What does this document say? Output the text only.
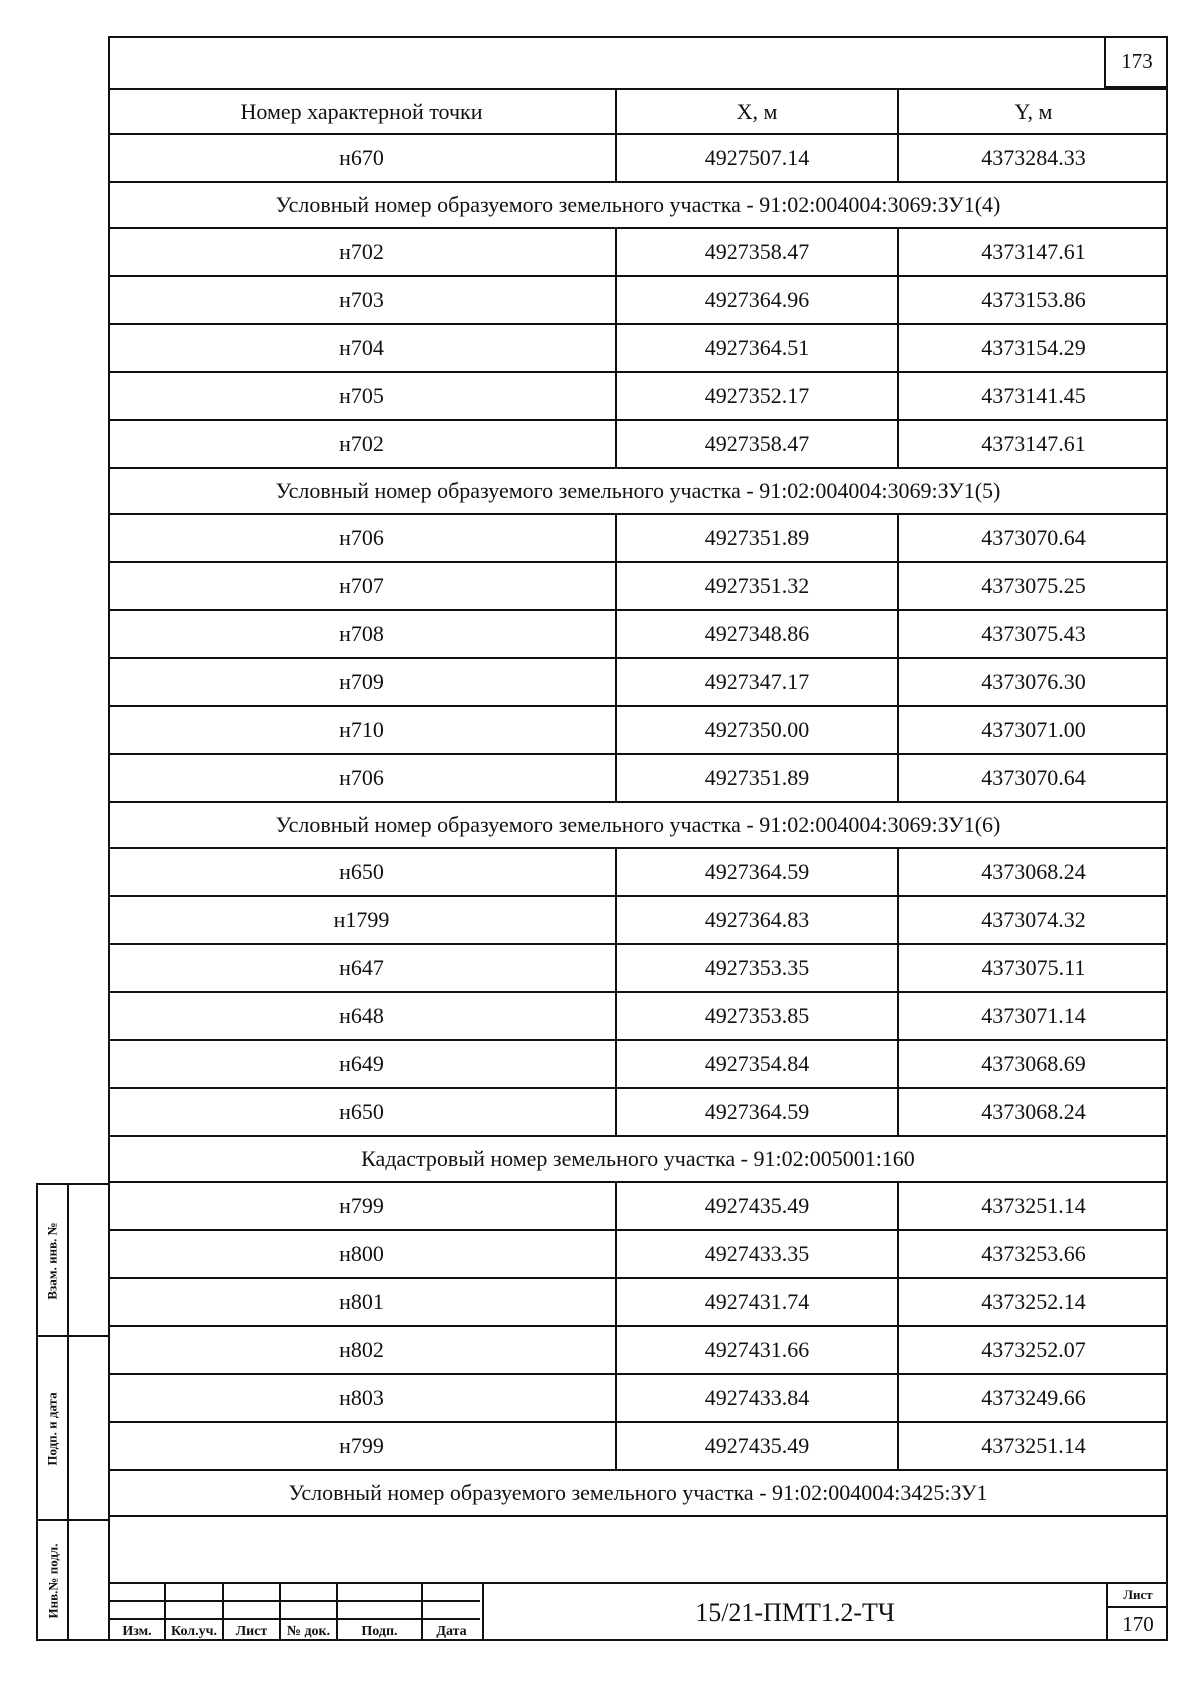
173
Номер характерной точки	X, м	Y, м
н670	4927507.14	4373284.33
Условный номер образуемого земельного участка - 91:02:004004:3069:ЗУ1(4)
н702	4927358.47	4373147.61
н703	4927364.96	4373153.86
н704	4927364.51	4373154.29
н705	4927352.17	4373141.45
н702	4927358.47	4373147.61
Условный номер образуемого земельного участка - 91:02:004004:3069:ЗУ1(5)
н706	4927351.89	4373070.64
н707	4927351.32	4373075.25
н708	4927348.86	4373075.43
н709	4927347.17	4373076.30
н710	4927350.00	4373071.00
н706	4927351.89	4373070.64
Условный номер образуемого земельного участка - 91:02:004004:3069:ЗУ1(6)
н650	4927364.59	4373068.24
н1799	4927364.83	4373074.32
н647	4927353.35	4373075.11
н648	4927353.85	4373071.14
н649	4927354.84	4373068.69
н650	4927364.59	4373068.24
Кадастровый номер земельного участка - 91:02:005001:160
н799	4927435.49	4373251.14
н800	4927433.35	4373253.66
н801	4927431.74	4373252.14
н802	4927431.66	4373252.07
н803	4927433.84	4373249.66
н799	4927435.49	4373251.14
Условный номер образуемого земельного участка - 91:02:004004:3425:ЗУ1
Взам. инв. №
Подп. и дата
Инв.№ подл.
Изм.	Кол.уч.	Лист	№ док.	Подп.	Дата
15/21-ПМТ1.2-ТЧ
Лист
170
